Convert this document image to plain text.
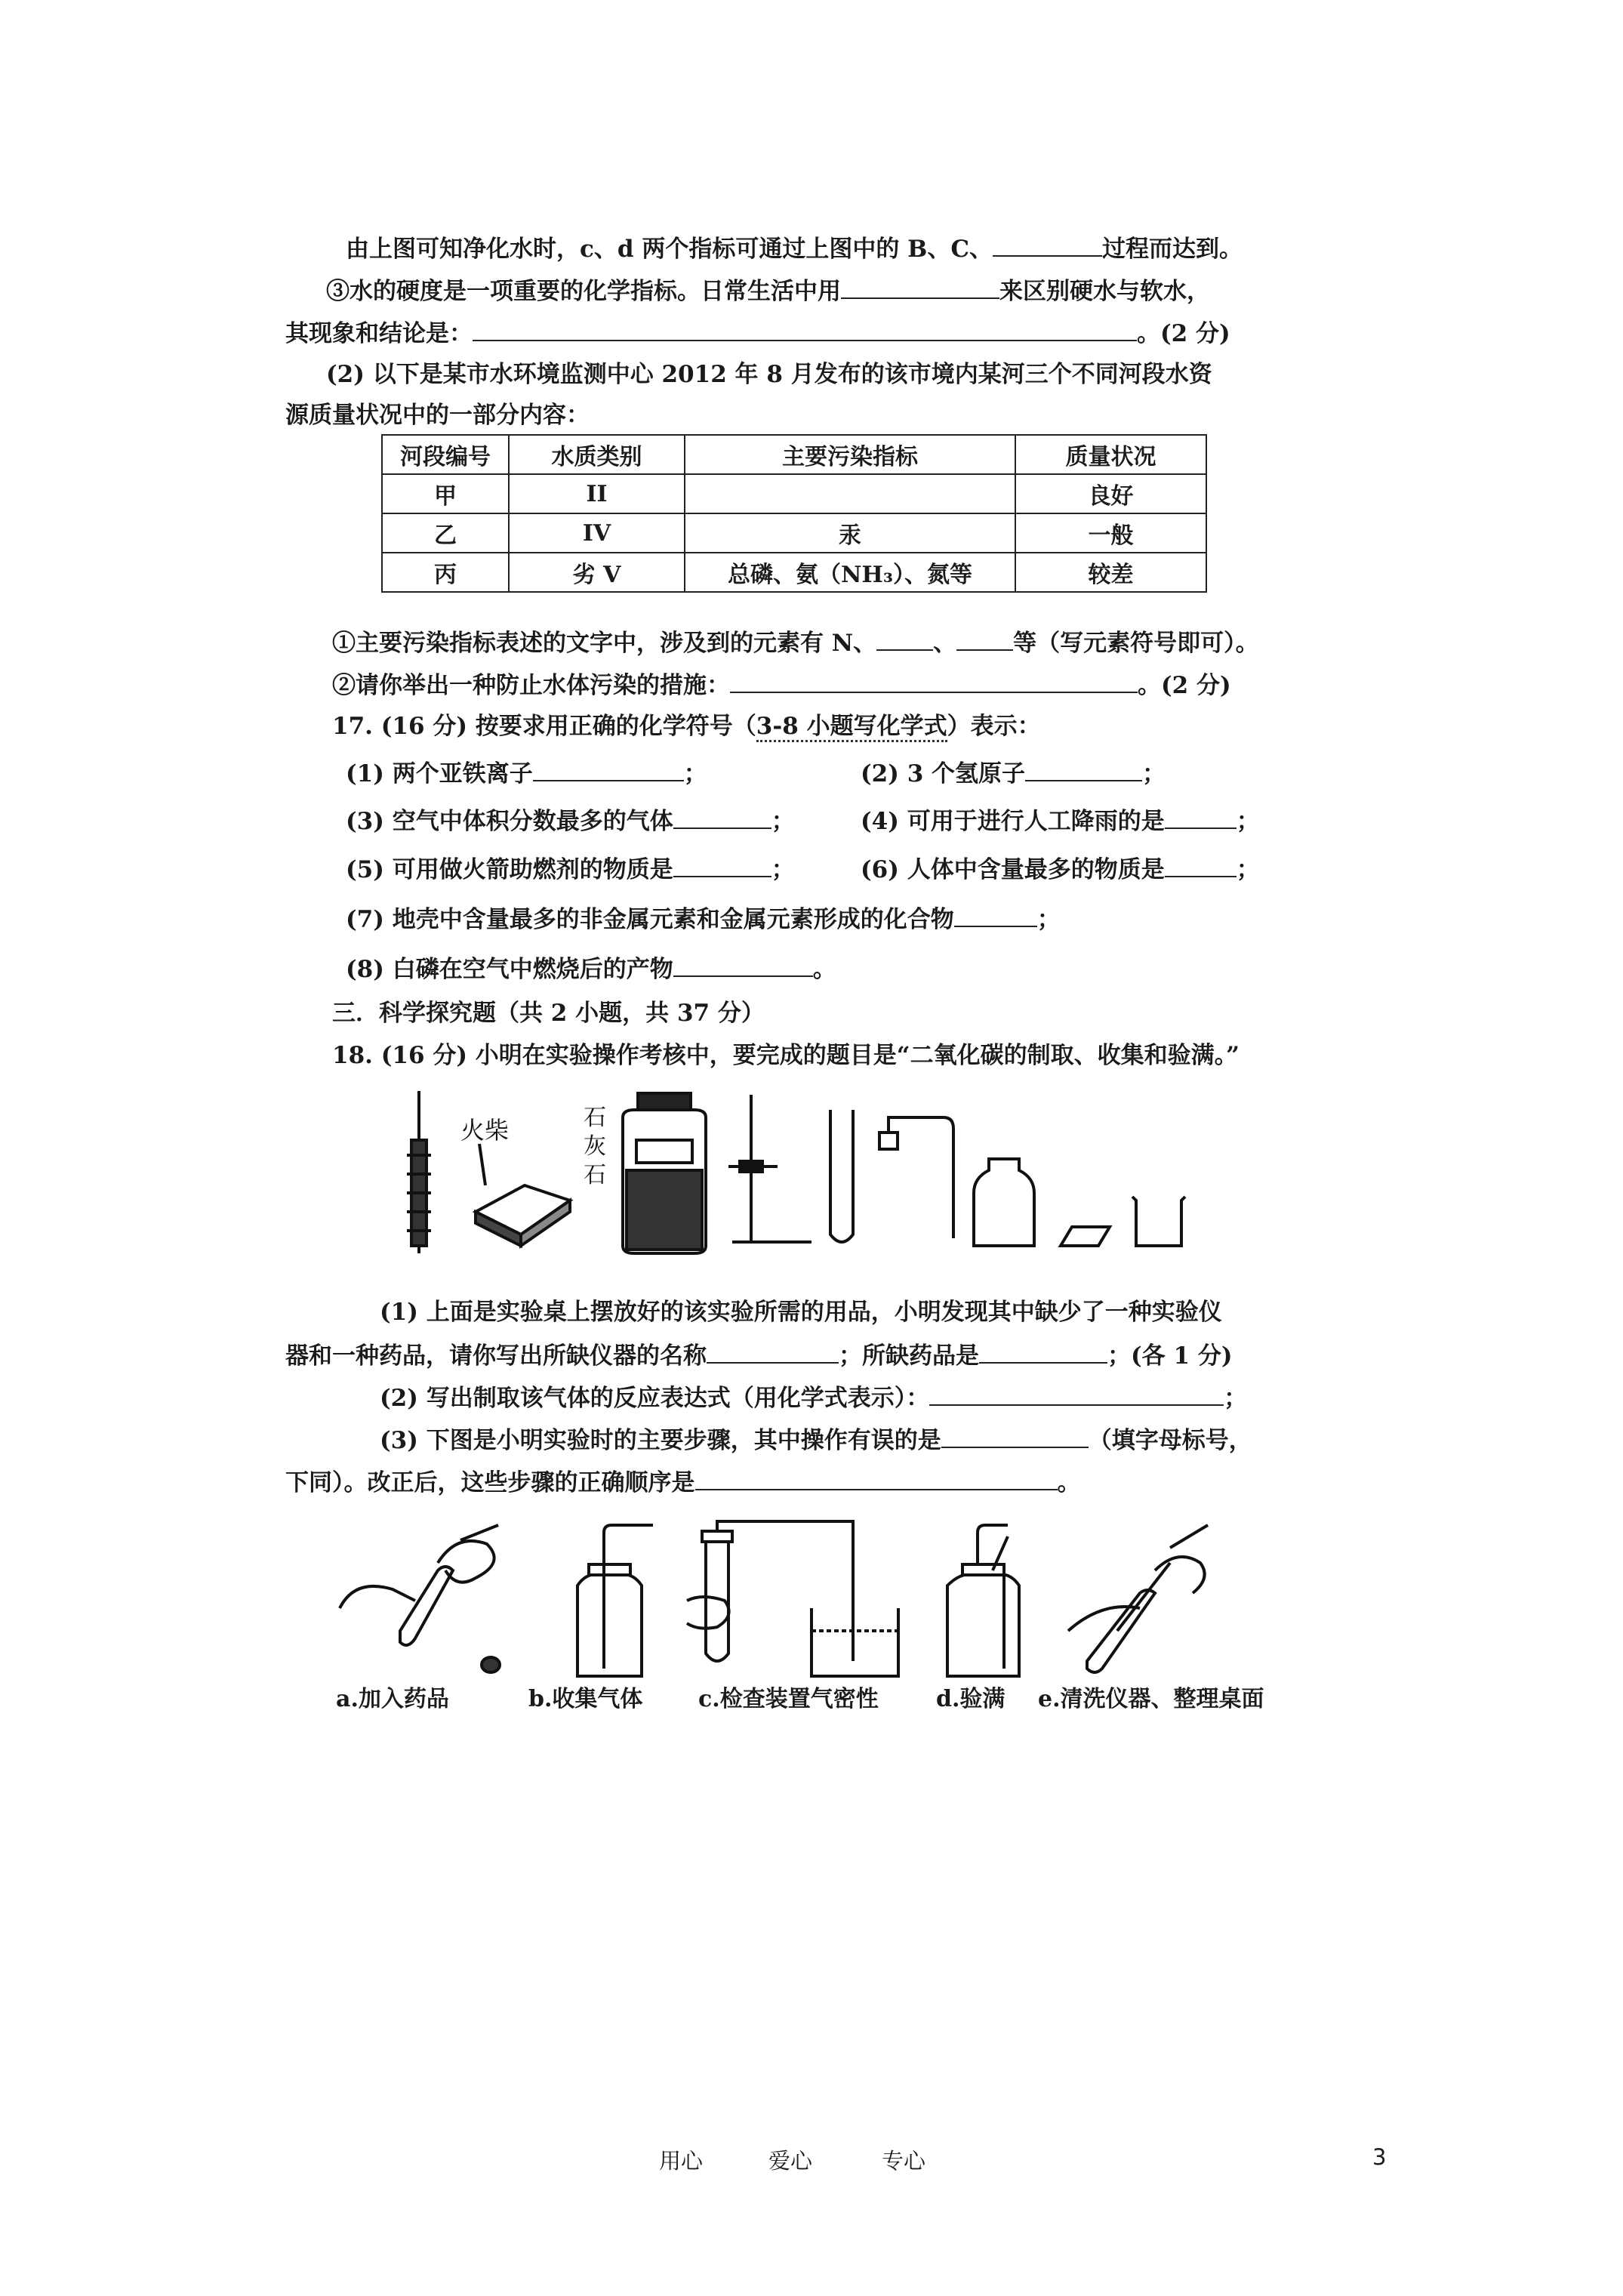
由上图可知净化水时，c、d 两个指标可通过上图中的 B、C、	过程而达到。
③水的硬度是一项重要的化学指标。日常生活中用	来区别硬水与软水，
其现象和结论是：	。(2 分)
(2) 以下是某市水环境监测中心 2012 年 8 月发布的该市境内某河三个不同河段水资
源质量状况中的一部分内容：
河段编号	水质类别	主要污染指标	质量状况
甲	II		良好
乙	IV	汞	一般
丙	劣 V	总磷、氨（NH₃）、氮等	较差
①主要污染指标表述的文字中，涉及到的元素有 N、 、 等（写元素符号即可）。
②请你举出一种防止水体污染的措施：	。(2 分)
17. (16 分) 按要求用正确的化学符号（3-8 小题写化学式）表示：
(1) 两个亚铁离子	；	(2) 3 个氢原子	；
(3) 空气中体积分数最多的气体	；	(4) 可用于进行人工降雨的是	；
(5) 可用做火箭助燃剂的物质是	；	(6) 人体中含量最多的物质是	；
(7) 地壳中含量最多的非金属元素和金属元素形成的化合物	；
(8) 白磷在空气中燃烧后的产物	。
三．科学探究题（共 2 小题，共 37 分）
18. (16 分) 小明在实验操作考核中，要完成的题目是“二氧化碳的制取、收集和验满。”
火柴	石
灰
石
(1) 上面是实验桌上摆放好的该实验所需的用品，小明发现其中缺少了一种实验仪
器和一种药品，请你写出所缺仪器的名称	；所缺药品是	；(各 1 分)
(2) 写出制取该气体的反应表达式（用化学式表示）：	；
(3) 下图是小明实验时的主要步骤，其中操作有误的是	（填字母标号，
下同）。改正后，这些步骤的正确顺序是	。
a.加入药品	b.收集气体 c.检查装置气密性	d.验满 e.清洗仪器、整理桌面
用心	爱心	专心	3
